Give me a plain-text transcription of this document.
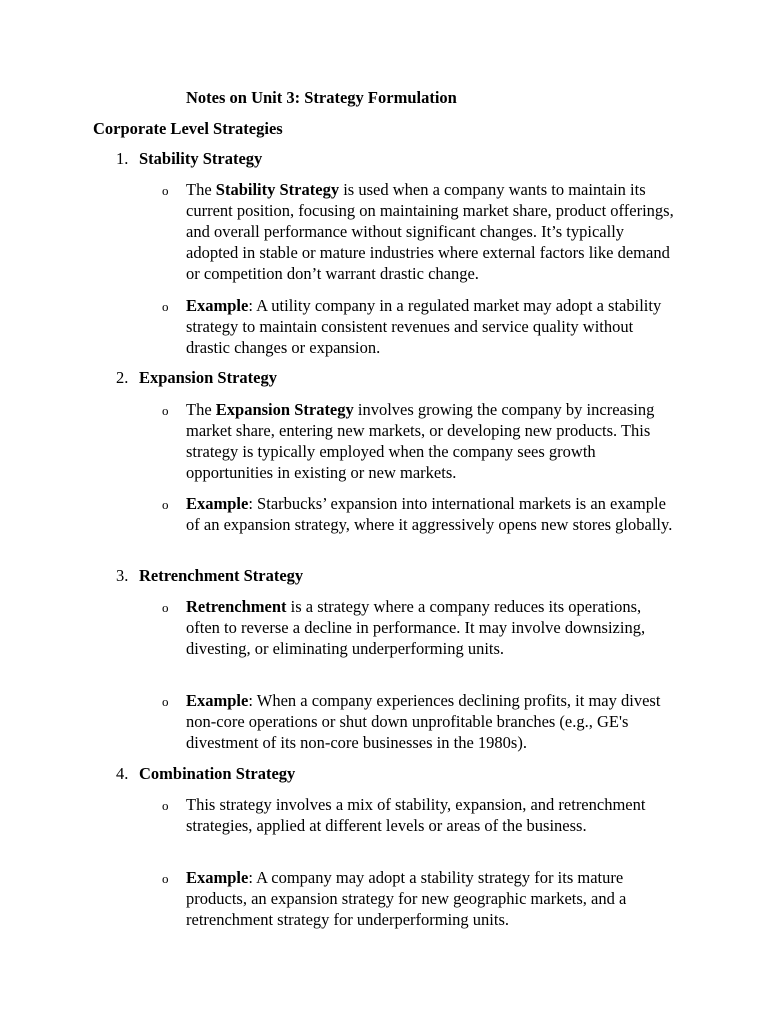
Notes on Unit 3: Strategy Formulation
Corporate Level Strategies
1. Stability Strategy
o The Stability Strategy is used when a company wants to maintain its current position, focusing on maintaining market share, product offerings, and overall performance without significant changes. It’s typically adopted in stable or mature industries where external factors like demand or competition don’t warrant drastic change.
o Example: A utility company in a regulated market may adopt a stability strategy to maintain consistent revenues and service quality without drastic changes or expansion.
2. Expansion Strategy
o The Expansion Strategy involves growing the company by increasing market share, entering new markets, or developing new products. This strategy is typically employed when the company sees growth opportunities in existing or new markets.
o Example: Starbucks’ expansion into international markets is an example of an expansion strategy, where it aggressively opens new stores globally.
3. Retrenchment Strategy
o Retrenchment is a strategy where a company reduces its operations, often to reverse a decline in performance. It may involve downsizing, divesting, or eliminating underperforming units.
o Example: When a company experiences declining profits, it may divest non-core operations or shut down unprofitable branches (e.g., GE's divestment of its non-core businesses in the 1980s).
4. Combination Strategy
o This strategy involves a mix of stability, expansion, and retrenchment strategies, applied at different levels or areas of the business.
o Example: A company may adopt a stability strategy for its mature products, an expansion strategy for new geographic markets, and a retrenchment strategy for underperforming units.
